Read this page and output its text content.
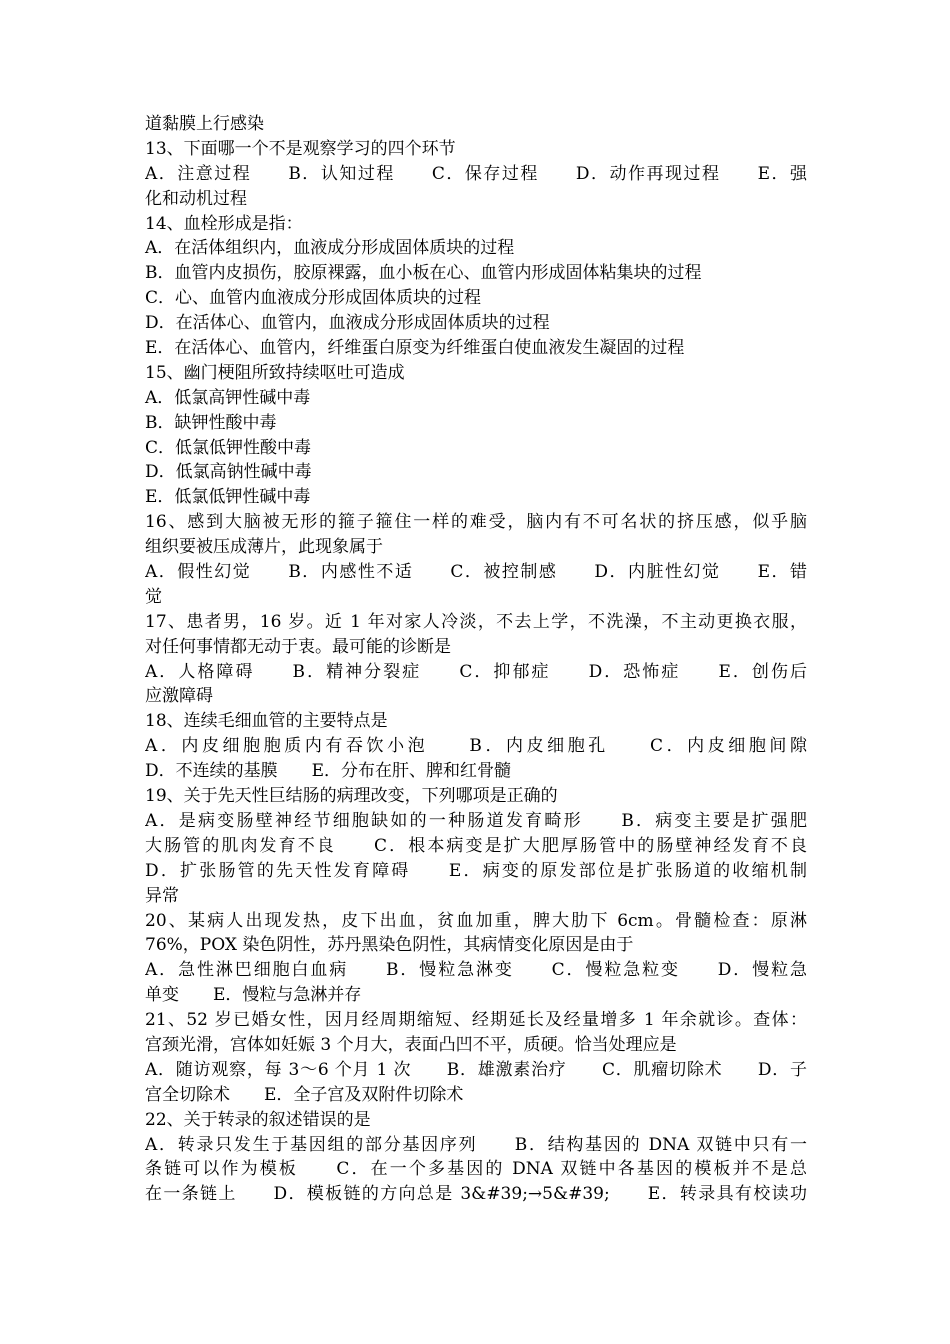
道黏膜上行感染
13、下面哪一个不是观察学习的四个环节
A．注意过程　　B．认知过程　　C．保存过程　　D．动作再现过程　　E．强
化和动机过程
14、血栓形成是指：
A．在活体组织内，血液成分形成固体质块的过程
B．血管内皮损伤，胶原裸露，血小板在心、血管内形成固体粘集块的过程
C．心、血管内血液成分形成固体质块的过程
D．在活体心、血管内，血液成分形成固体质块的过程
E．在活体心、血管内，纤维蛋白原变为纤维蛋白使血液发生凝固的过程
15、幽门梗阻所致持续呕吐可造成
A．低氯高钾性碱中毒
B．缺钾性酸中毒
C．低氯低钾性酸中毒
D．低氯高钠性碱中毒
E．低氯低钾性碱中毒
16、感到大脑被无形的箍子箍住一样的难受，脑内有不可名状的挤压感，似乎脑
组织要被压成薄片，此现象属于
A．假性幻觉　　B．内感性不适　　C．被控制感　　D．内脏性幻觉　　E．错
觉
17、患者男，16 岁。近 1 年对家人冷淡，不去上学，不洗澡，不主动更换衣服，
对任何事情都无动于衷。最可能的诊断是
A．人格障碍　　B．精神分裂症　　C．抑郁症　　D．恐怖症　　E．创伤后
应激障碍
18、连续毛细血管的主要特点是
A．内皮细胞胞质内有吞饮小泡　　B．内皮细胞孔　　C．内皮细胞间隙
D．不连续的基膜　　E．分布在肝、脾和红骨髓
19、关于先天性巨结肠的病理改变，下列哪项是正确的
A．是病变肠壁神经节细胞缺如的一种肠道发育畸形　　B．病变主要是扩强肥
大肠管的肌肉发育不良　　C．根本病变是扩大肥厚肠管中的肠壁神经发育不良
D．扩张肠管的先天性发育障碍　　E．病变的原发部位是扩张肠道的收缩机制
异常
20、某病人出现发热，皮下出血，贫血加重，脾大肋下 6cm。骨髓检查：原淋
76%，POX 染色阴性，苏丹黑染色阴性，其病情变化原因是由于
A．急性淋巴细胞白血病　　B．慢粒急淋变　　C．慢粒急粒变　　D．慢粒急
单变　　E．慢粒与急淋并存
21、52 岁已婚女性，因月经周期缩短、经期延长及经量增多 1 年余就诊。查体：
宫颈光滑，宫体如妊娠 3 个月大，表面凸凹不平，质硬。恰当处理应是
A．随访观察，每 3～6 个月 1 次　　B．雄激素治疗　　C．肌瘤切除术　　D．子
宫全切除术　　E．全子宫及双附件切除术
22、关于转录的叙述错误的是
A．转录只发生于基因组的部分基因序列　　B．结构基因的 DNA 双链中只有一
条链可以作为模板　　C．在一个多基因的 DNA 双链中各基因的模板并不是总
在一条链上　　D．模板链的方向总是 3&#39;→5&#39;　　E．转录具有校读功
